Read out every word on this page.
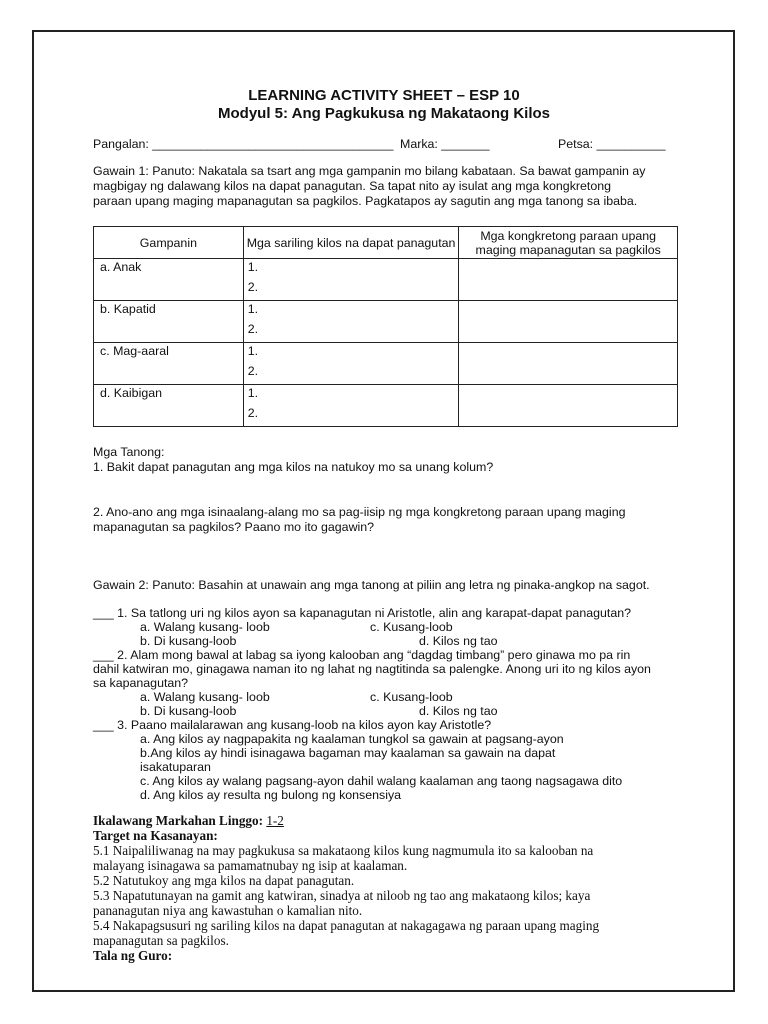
LEARNING ACTIVITY SHEET – ESP 10
Modyul 5: Ang Pagkukusa ng Makataong Kilos
Pangalan: ___________________________________ Marka: _______	Petsa: __________
Gawain 1: Panuto: Nakatala sa tsart ang mga gampanin mo bilang kabataan. Sa bawat gampanin ay
magbigay ng dalawang kilos na dapat panagutan. Sa tapat nito ay isulat ang mga kongkretong
paraan upang maging mapanagutan sa pagkilos. Pagkatapos ay sagutin ang mga tanong sa ibaba.
Gampanin	Mga sariling kilos na dapat panagutan	Mga kongkretong paraan upang maging mapanagutan sa pagkilos
a. Anak	1.
2.	

b. Kapatid	1.
2.	

c. Mag-aaral	1.
2.	

d. Kaibigan	1.
2.	

Mga Tanong:
1. Bakit dapat panagutan ang mga kilos na natukoy mo sa unang kolum?
2. Ano-ano ang mga isinaalang-alang mo sa pag-iisip ng mga kongkretong paraan upang maging
mapanagutan sa pagkilos? Paano mo ito gagawin?
Gawain 2: Panuto: Basahin at unawain ang mga tanong at piliin ang letra ng pinaka-angkop na sagot.
___ 1. Sa tatlong uri ng kilos ayon sa kapanagutan ni Aristotle, alin ang karapat-dapat panagutan?
a. Walang kusang- loob	c. Kusang-loob
b. Di kusang-loob	d. Kilos ng tao
___ 2. Alam mong bawal at labag sa iyong kalooban ang “dagdag timbang” pero ginawa mo pa rin
dahil katwiran mo, ginagawa naman ito ng lahat ng nagtitinda sa palengke. Anong uri ito ng kilos ayon
sa kapanagutan?
a. Walang kusang- loob	c. Kusang-loob
b. Di kusang-loob	d. Kilos ng tao
___ 3. Paano mailalarawan ang kusang-loob na kilos ayon kay Aristotle?
a. Ang kilos ay nagpapakita ng kaalaman tungkol sa gawain at pagsang-ayon
b.Ang kilos ay hindi isinagawa bagaman may kaalaman sa gawain na dapat
isakatuparan
c. Ang kilos ay walang pagsang-ayon dahil walang kaalaman ang taong nagsagawa dito
d. Ang kilos ay resulta ng bulong ng konsensiya
Ikalawang Markahan Linggo: 1-2
Target na Kasanayan:
5.1 Naipaliliwanag na may pagkukusa sa makataong kilos kung nagmumula ito sa kalooban na
malayang isinagawa sa pamamatnubay ng isip at kaalaman.
5.2 Natutukoy ang mga kilos na dapat panagutan.
5.3 Napatutunayan na gamit ang katwiran, sinadya at niloob ng tao ang makataong kilos; kaya
pananagutan niya ang kawastuhan o kamalian nito.
5.4 Nakapagsusuri ng sariling kilos na dapat panagutan at nakagagawa ng paraan upang maging
mapanagutan sa pagkilos.
Tala ng Guro:
